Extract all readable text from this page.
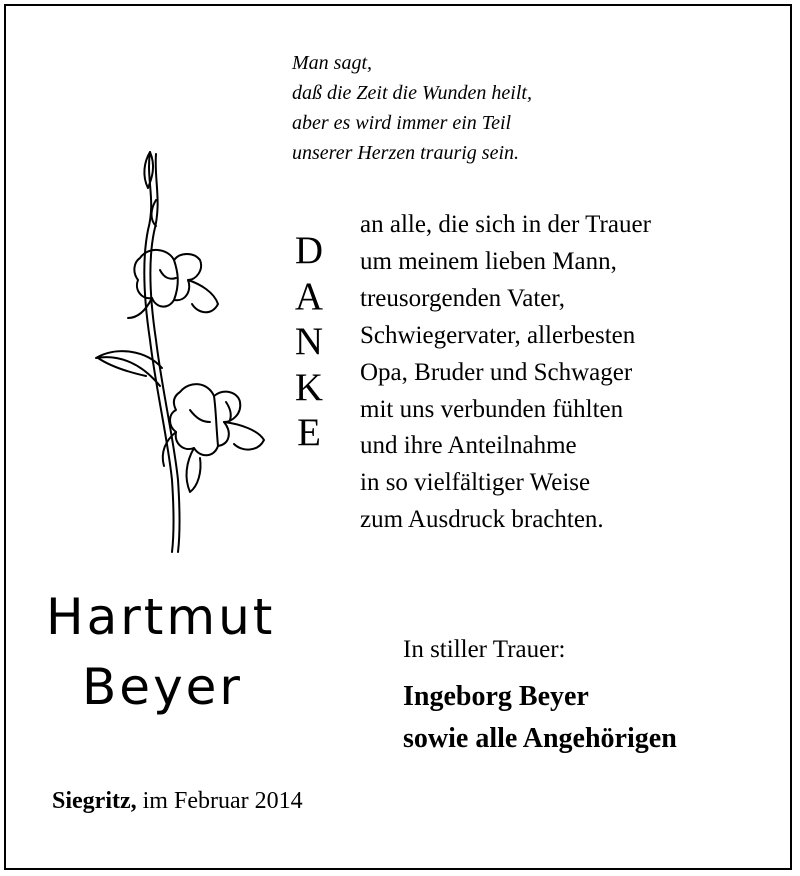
Man sagt,
daß die Zeit die Wunden heilt,
aber es wird immer ein Teil
unserer Herzen traurig sein.
D
A
N
K
E
an alle, die sich in der Trauer
um meinem lieben Mann,
treusorgenden Vater,
Schwiegervater, allerbesten
Opa, Bruder und Schwager
mit uns verbunden fühlten
und ihre Anteilnahme
in so vielfältiger Weise
zum Ausdruck brachten.
Hartmut
Beyer
In stiller Trauer:
Ingeborg Beyer
sowie alle Angehörigen
Siegritz, im Februar 2014
